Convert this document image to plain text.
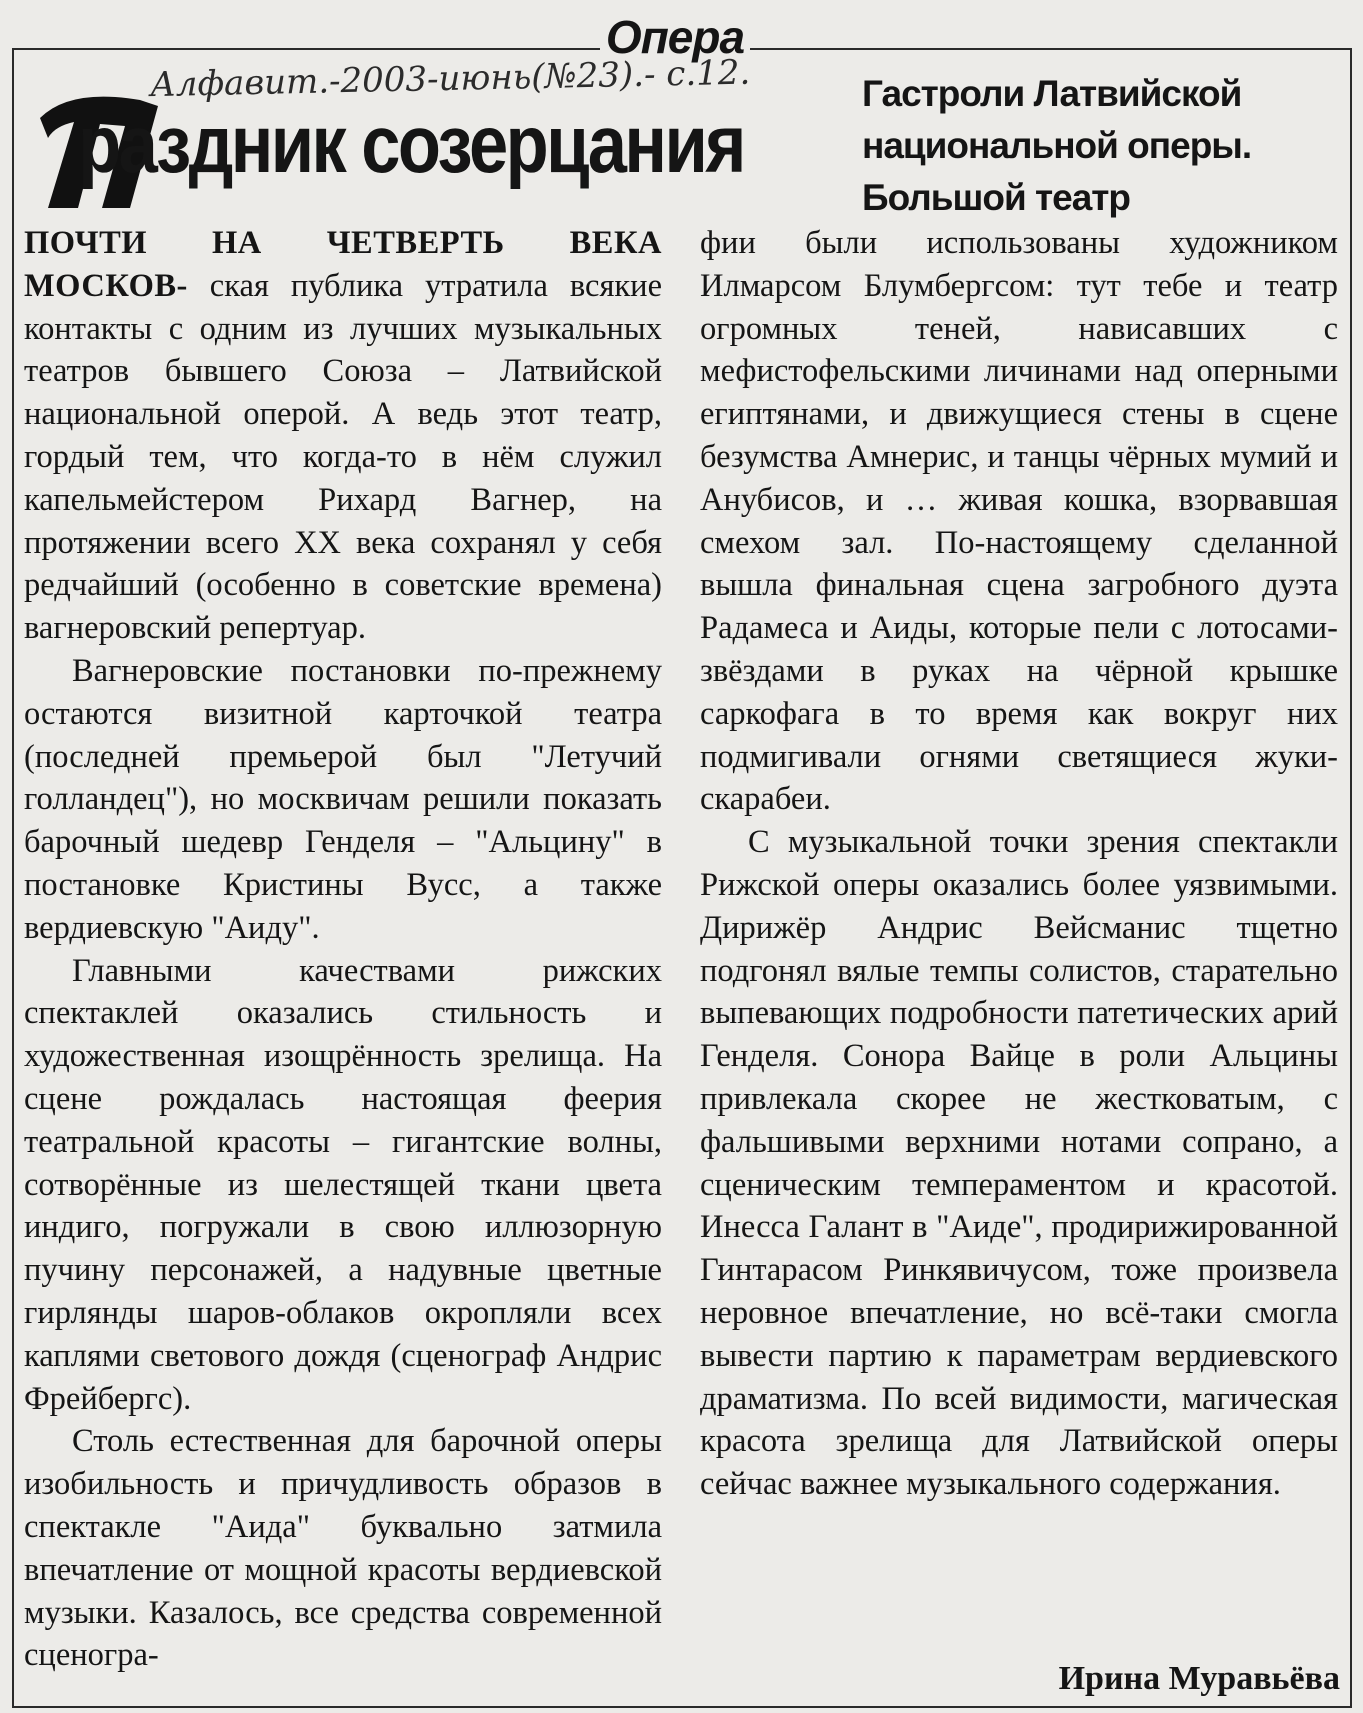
Опера
Алфавит.-2003-июнь(№23).- с.12.
раздник созерцания
Гастроли Латвийской
национальной оперы.
Большой театр

ПОЧТИ НА ЧЕТВЕРТЬ ВЕКА МОСКОВ- ская публика утратила всякие контакты с одним из лучших музыкальных театров бывшего Союза – Латвийской национальной оперой. А ведь этот театр, гордый тем, что когда-то в нём служил капельмейстером Рихард Вагнер, на протяжении всего XX века сохранял у себя редчайший (особенно в советские времена) вагнеровский репертуар.

Вагнеровские постановки по-прежнему остаются визитной карточкой театра (последней премьерой был "Летучий голландец"), но москвичам решили показать барочный шедевр Генделя – "Альцину" в постановке Кристины Вусс, а также вердиевскую "Аиду".

Главными качествами рижских спектаклей оказались стильность и художественная изощрённость зрелища. На сцене рождалась настоящая феерия театральной красоты – гигантские волны, сотворённые из шелестящей ткани цвета индиго, погружали в свою иллюзорную пучину персонажей, а надувные цветные гирлянды шаров-облаков окропляли всех каплями светового дождя (сценограф Андрис Фрейбергс).

Столь естественная для барочной оперы изобильность и причудливость образов в спектакле "Аида" буквально затмила впечатление от мощной красоты вердиевской музыки. Казалось, все средства современной сценогра-

фии были использованы художником Илмарсом Блумбергсом: тут тебе и театр огромных теней, нависавших с мефистофельскими личинами над оперными египтянами, и движущиеся стены в сцене безумства Амнерис, и танцы чёрных мумий и Анубисов, и … живая кошка, взорвавшая смехом зал. По-настоящему сделанной вышла финальная сцена загробного дуэта Радамеса и Аиды, которые пели с лотосами-звёздами в руках на чёрной крышке саркофага в то время как вокруг них подмигивали огнями светящиеся жуки-скарабеи.

С музыкальной точки зрения спектакли Рижской оперы оказались более уязвимыми. Дирижёр Андрис Вейсманис тщетно подгонял вялые темпы солистов, старательно выпевающих подробности патетических арий Генделя. Сонора Вайце в роли Альцины привлекала скорее не жестковатым, с фальшивыми верхними нотами сопрано, а сценическим темпераментом и красотой. Инесса Галант в "Аиде", продирижированной Гинтарасом Ринкявичусом, тоже произвела неровное впечатление, но всё-таки смогла вывести партию к параметрам вердиевского драматизма. По всей видимости, магическая красота зрелища для Латвийской оперы сейчас важнее музыкального содержания.

Ирина Муравьёва
